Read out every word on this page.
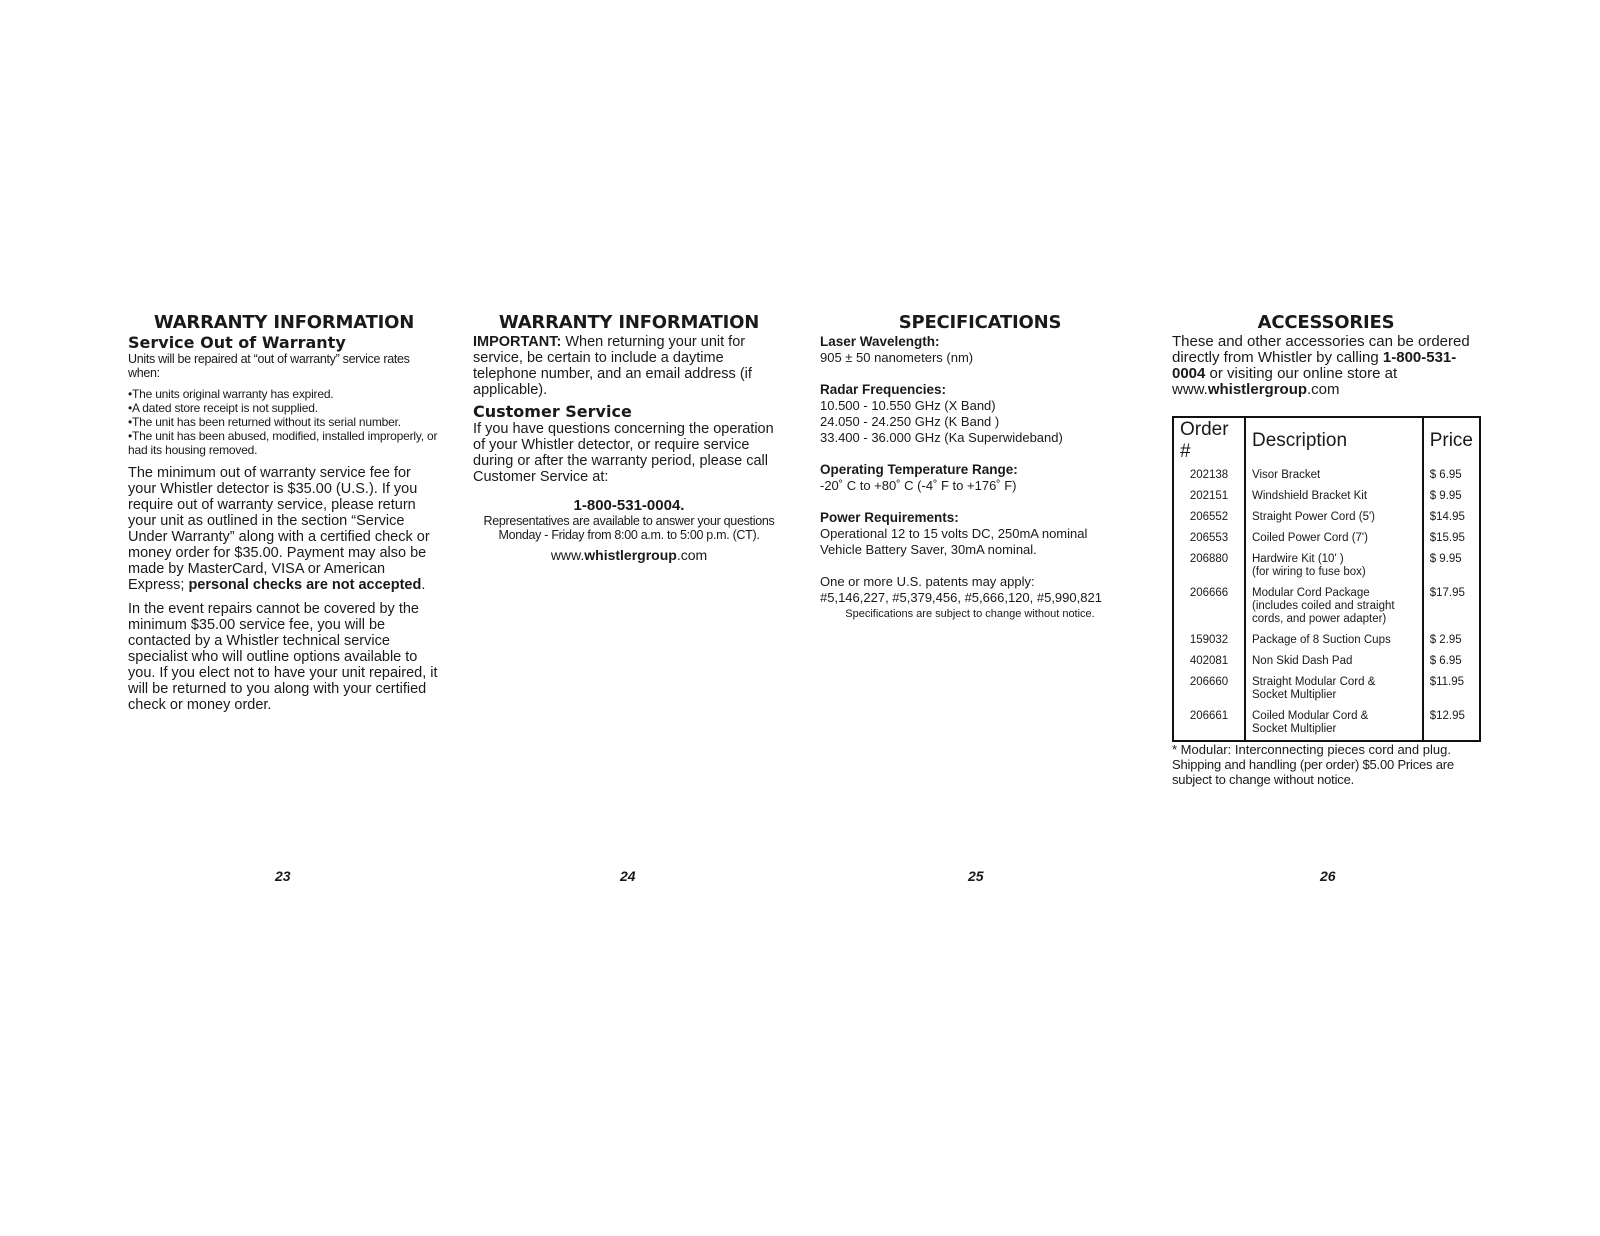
WARRANTY INFORMATION
Service Out of Warranty

Units will be repaired at “out of warranty” service rates when:

•The units original warranty has expired.

•A dated store receipt is not supplied.

•The unit has been returned without its serial number.

•The unit has been abused, modified, installed improperly, or had its housing removed.

The minimum out of warranty service fee for your Whistler detector is $35.00 (U.S.). If you require out of warranty service, please return your unit as outlined in the section “Service Under Warranty” along with a certified check or money order for $35.00. Payment may also be made by MasterCard, VISA or American Express; personal checks are not accepted.

In the event repairs cannot be covered by the minimum $35.00 service fee, you will be contacted by a Whistler technical service specialist who will outline options available to you. If you elect not to have your unit repaired, it will be returned to you along with your certified check or money order.

WARRANTY INFORMATION

IMPORTANT: When returning your unit for service, be certain to include a daytime telephone number, and an email address (if applicable).

Customer Service

If you have questions concerning the operation of your Whistler detector, or require service during or after the warranty period, please call Customer Service at:

1-800-531-0004.

Representatives are available to answer your questions

Monday - Friday from 8:00 a.m. to 5:00 p.m. (CT).

www.whistlergroup.com

SPECIFICATIONS

Laser Wavelength:

905 ± 50 nanometers (nm)

Radar Frequencies:

10.500 - 10.550 GHz (X Band)

24.050 - 24.250 GHz (K Band )

33.400 - 36.000 GHz (Ka Superwideband)

Operating Temperature Range:

-20˚ C to +80˚ C (-4˚ F to +176˚ F)

Power Requirements:

Operational 12 to 15 volts DC, 250mA nominal

Vehicle Battery Saver, 30mA nominal.

One or more U.S. patents may apply:

#5,146,227, #5,379,456, #5,666,120, #5,990,821

Specifications are subject to change without notice.

ACCESSORIES

These and other accessories can be ordered directly from Whistler by calling 1-800-531-0004 or visiting our online store at www.whistlergroup.com

Order #	Description	Price
202138	Visor Bracket	$ 6.95
202151	Windshield Bracket Kit	$ 9.95
206552	Straight Power Cord (5')	$14.95
206553	Coiled Power Cord (7')	$15.95
206880	Hardwire Kit (10' )
(for wiring to fuse box)	$ 9.95
206666	Modular Cord Package
(includes coiled and straight
cords, and power adapter)	$17.95
159032	Package of 8 Suction Cups	$ 2.95
402081	Non Skid Dash Pad	$ 6.95
206660	Straight Modular Cord &
Socket Multiplier	$11.95
206661	Coiled Modular Cord &
Socket Multiplier	$12.95

* Modular: Interconnecting pieces cord and plug.

Shipping and handling (per order) $5.00 Prices are subject to change without notice.

23	24	25	26
